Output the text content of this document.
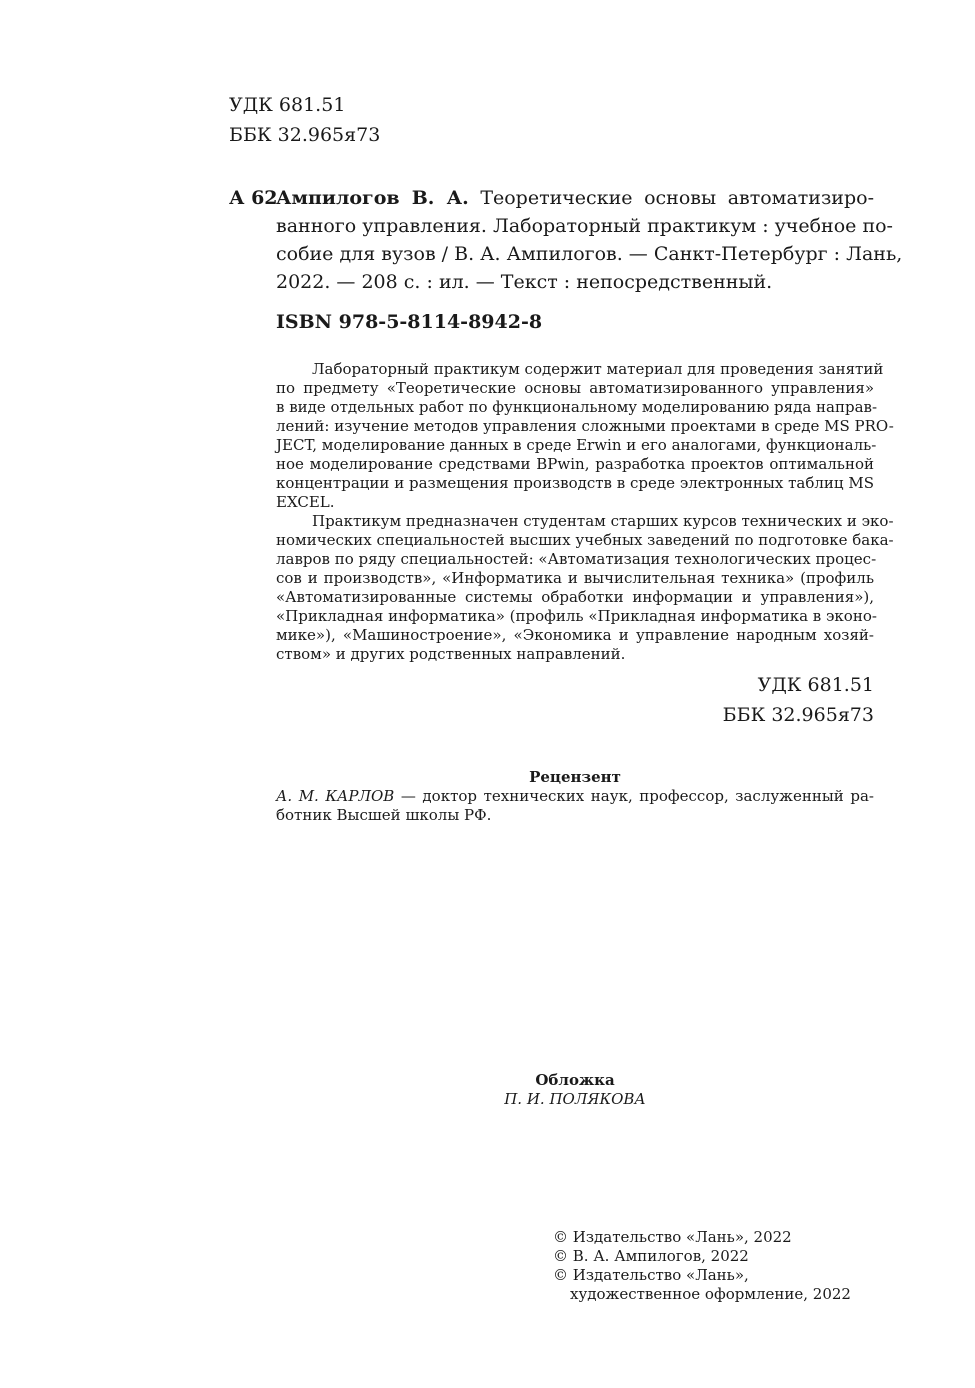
УДК 681.51
ББК 32.965я73
А 62
Ампилогов В. А. Теоретические основы автоматизиро-
ванного управления. Лабораторный практикум : учебное по-
собие для вузов / В. А. Ампилогов. — Санкт-Петербург : Лань,
2022. — 208 с. : ил. — Текст : непосредственный.
ISBN 978-5-8114-8942-8
Лабораторный практикум содержит материал для проведения занятий
по предмету «Теоретические основы автоматизированного управления»
в виде отдельных работ по функциональному моделированию ряда направ-
лений: изучение методов управления сложными проектами в среде MS PRO-
JECT, моделирование данных в среде Erwin и его аналогами, функциональ-
ное моделирование средствами BPwin, разработка проектов оптимальной
концентрации и размещения производств в среде электронных таблиц MS
EXCEL.
Практикум предназначен студентам старших курсов технических и эко-
номических специальностей высших учебных заведений по подготовке бака-
лавров по ряду специальностей: «Автоматизация технологических процес-
сов и производств», «Информатика и вычислительная техника» (профиль
«Автоматизированные системы обработки информации и управления»),
«Прикладная информатика» (профиль «Прикладная информатика в эконо-
мике»), «Машиностроение», «Экономика и управление народным хозяй-
ством» и других родственных направлений.
УДК 681.51
ББК 32.965я73
Рецензент
А. М. КАРЛОВ — доктор технических наук, профессор, заслуженный ра-
ботник Высшей школы РФ.
Обложка
П. И. ПОЛЯКОВА
© Издательство «Лань», 2022
© В. А. Ампилогов, 2022
© Издательство «Лань»,
художественное оформление, 2022
